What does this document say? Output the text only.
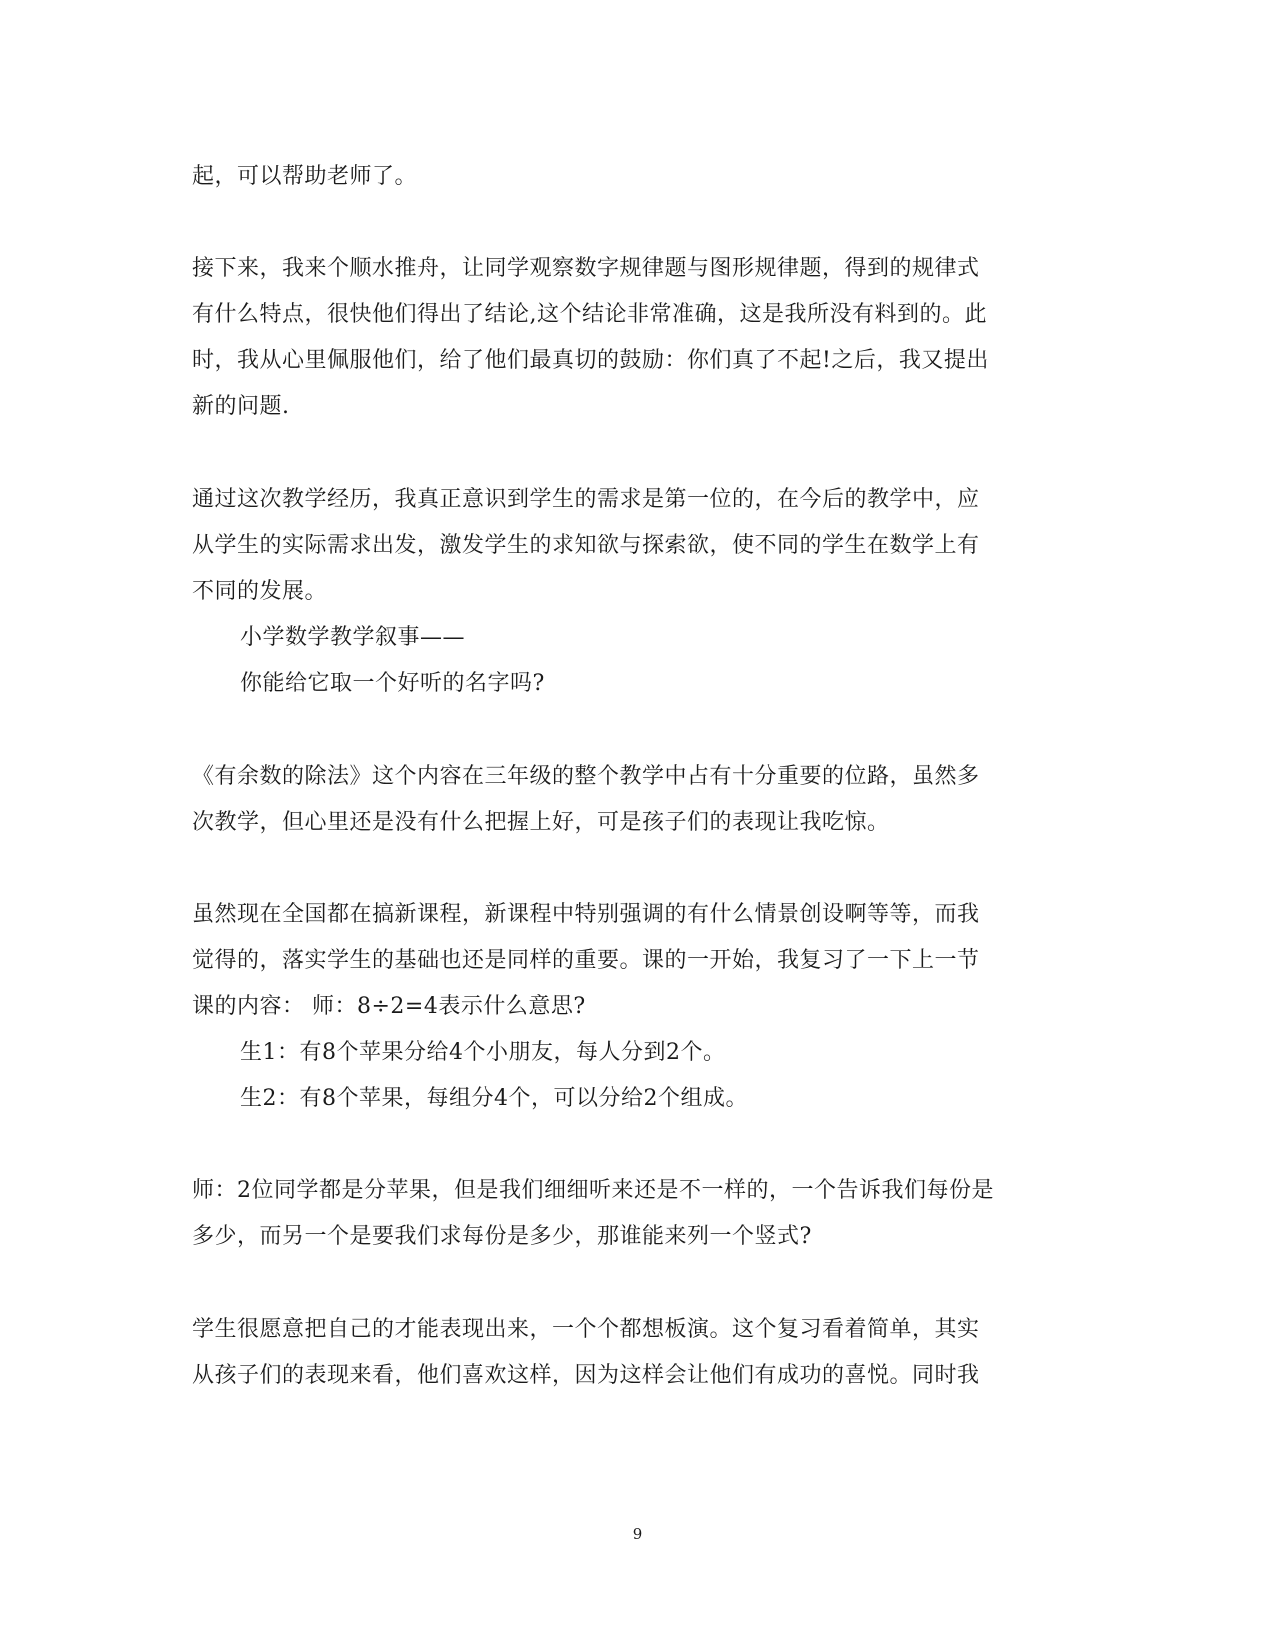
起，可以帮助老师了。
接下来，我来个顺水推舟，让同学观察数字规律题与图形规律题，得到的规律式
有什么特点，很快他们得出了结论,这个结论非常准确，这是我所没有料到的。此
时，我从心里佩服他们，给了他们最真切的鼓励：你们真了不起!之后，我又提出
新的问题.
通过这次教学经历，我真正意识到学生的需求是第一位的，在今后的教学中，应
从学生的实际需求出发，激发学生的求知欲与探索欲，使不同的学生在数学上有
不同的发展。
小学数学教学叙事——
你能给它取一个好听的名字吗?
《有余数的除法》这个内容在三年级的整个教学中占有十分重要的位路，虽然多
次教学，但心里还是没有什么把握上好，可是孩子们的表现让我吃惊。
虽然现在全国都在搞新课程，新课程中特别强调的有什么情景创设啊等等，而我
觉得的，落实学生的基础也还是同样的重要。课的一开始，我复习了一下上一节
课的内容： 师：8÷2=4表示什么意思?
生1：有8个苹果分给4个小朋友，每人分到2个。
生2：有8个苹果，每组分4个，可以分给2个组成。
师：2位同学都是分苹果，但是我们细细听来还是不一样的，一个告诉我们每份是
多少，而另一个是要我们求每份是多少，那谁能来列一个竖式?
学生很愿意把自己的才能表现出来，一个个都想板演。这个复习看着简单，其实
从孩子们的表现来看，他们喜欢这样，因为这样会让他们有成功的喜悦。同时我
9
